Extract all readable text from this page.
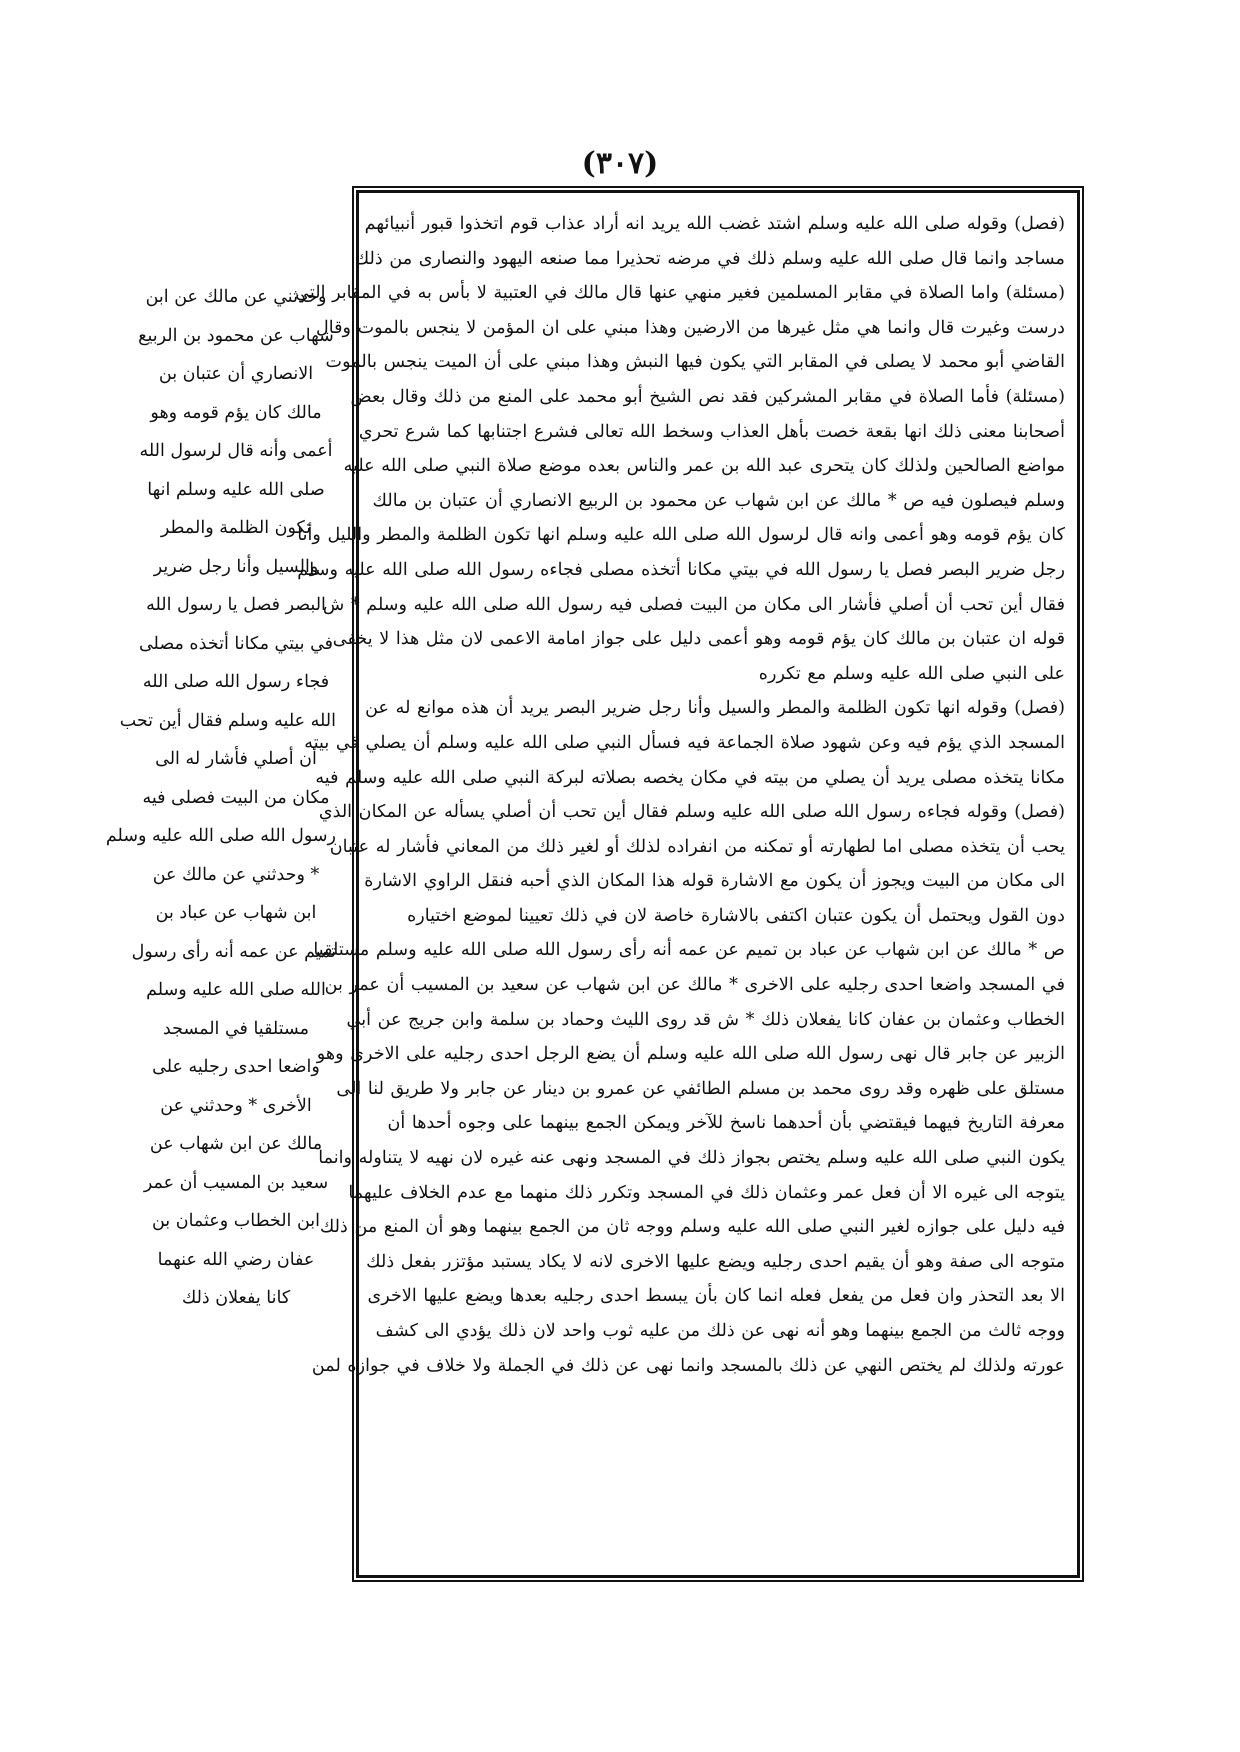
(٣٠٧)
(فصل) وقوله صلى الله عليه وسلم اشتد غضب الله يريد انه أراد عذاب قوم اتخذوا قبور أنبيائهم
مساجد وانما قال صلى الله عليه وسلم ذلك في مرضه تحذيرا مما صنعه اليهود والنصارى من ذلك
(مسئلة) واما الصلاة في مقابر المسلمين فغير منهي عنها قال مالك في العتبية لا بأس به في المقابر التي
درست وغيرت قال وانما هي مثل غيرها من الارضين وهذا مبني على ان المؤمن لا ينجس بالموت وقال
القاضي أبو محمد لا يصلى في المقابر التي يكون فيها النبش وهذا مبني على أن الميت ينجس بالموت
(مسئلة) فأما الصلاة في مقابر المشركين فقد نص الشيخ أبو محمد على المنع من ذلك وقال بعض
أصحابنا معنى ذلك انها بقعة خصت بأهل العذاب وسخط الله تعالى فشرع اجتنابها كما شرع تحري
مواضع الصالحين ولذلك كان يتحرى عبد الله بن عمر والناس بعده موضع صلاة النبي صلى الله عليه
وسلم فيصلون فيه ص * مالك عن ابن شهاب عن محمود بن الربيع الانصاري أن عتبان بن مالك
كان يؤم قومه وهو أعمى وانه قال لرسول الله صلى الله عليه وسلم انها تكون الظلمة والمطر والليل وأنا
رجل ضرير البصر فصل يا رسول الله في بيتي مكانا أتخذه مصلى فجاءه رسول الله صلى الله عليه وسلم
فقال أين تحب أن أصلي فأشار الى مكان من البيت فصلى فيه رسول الله صلى الله عليه وسلم * ش
قوله ان عتبان بن مالك كان يؤم قومه وهو أعمى دليل على جواز امامة الاعمى لان مثل هذا لا يخفى
على النبي صلى الله عليه وسلم مع تكرره
(فصل) وقوله انها تكون الظلمة والمطر والسيل وأنا رجل ضرير البصر يريد أن هذه موانع له عن
المسجد الذي يؤم فيه وعن شهود صلاة الجماعة فيه فسأل النبي صلى الله عليه وسلم أن يصلي في بيته
مكانا يتخذه مصلى يريد أن يصلي من بيته في مكان يخصه بصلاته لبركة النبي صلى الله عليه وسلم فيه
(فصل) وقوله فجاءه رسول الله صلى الله عليه وسلم فقال أين تحب أن أصلي يسأله عن المكان الذي
يحب أن يتخذه مصلى اما لطهارته أو تمكنه من انفراده لذلك أو لغير ذلك من المعاني فأشار له عتبان
الى مكان من البيت ويجوز أن يكون مع الاشارة قوله هذا المكان الذي أحبه فنقل الراوي الاشارة
دون القول ويحتمل أن يكون عتبان اكتفى بالاشارة خاصة لان في ذلك تعيينا لموضع اختياره
ص * مالك عن ابن شهاب عن عباد بن تميم عن عمه أنه رأى رسول الله صلى الله عليه وسلم مستلقيا
في المسجد واضعا احدى رجليه على الاخرى * مالك عن ابن شهاب عن سعيد بن المسيب أن عمر بن
الخطاب وعثمان بن عفان كانا يفعلان ذلك * ش قد روى الليث وحماد بن سلمة وابن جريج عن أبي
الزبير عن جابر قال نهى رسول الله صلى الله عليه وسلم أن يضع الرجل احدى رجليه على الاخرى وهو
مستلق على ظهره وقد روى محمد بن مسلم الطائفي عن عمرو بن دينار عن جابر ولا طريق لنا الى
معرفة التاريخ فيهما فيقتضي بأن أحدهما ناسخ للآخر ويمكن الجمع بينهما على وجوه أحدها أن
يكون النبي صلى الله عليه وسلم يختص بجواز ذلك في المسجد ونهى عنه غيره لان نهيه لا يتناوله وانما
يتوجه الى غيره الا أن فعل عمر وعثمان ذلك في المسجد وتكرر ذلك منهما مع عدم الخلاف عليهما
فيه دليل على جوازه لغير النبي صلى الله عليه وسلم ووجه ثان من الجمع بينهما وهو أن المنع من ذلك
متوجه الى صفة وهو أن يقيم احدى رجليه ويضع عليها الاخرى لانه لا يكاد يستبد مؤتزر بفعل ذلك
الا بعد التحذر وان فعل من يفعل فعله انما كان بأن يبسط احدى رجليه بعدها ويضع عليها الاخرى
ووجه ثالث من الجمع بينهما وهو أنه نهى عن ذلك من عليه ثوب واحد لان ذلك يؤدي الى كشف
عورته ولذلك لم يختص النهي عن ذلك بالمسجد وانما نهى عن ذلك في الجملة ولا خلاف في جوازه لمن
وحدثني عن مالك عن ابن
شهاب عن محمود بن الربيع
الانصاري أن عتبان بن
مالك كان يؤم قومه وهو
أعمى وأنه قال لرسول الله
صلى الله عليه وسلم انها
تكون الظلمة والمطر
والسيل وأنا رجل ضرير
البصر فصل يا رسول الله
في بيتي مكانا أتخذه مصلى
فجاء رسول الله صلى الله
الله عليه وسلم فقال أين تحب
أن أصلي فأشار له الى
مكان من البيت فصلى فيه
رسول الله صلى الله عليه وسلم
* وحدثني عن مالك عن
ابن شهاب عن عباد بن
تميم عن عمه أنه رأى رسول
الله صلى الله عليه وسلم
مستلقيا في المسجد
واضعا احدى رجليه على
الأخرى * وحدثني عن
مالك عن ابن شهاب عن
سعيد بن المسيب أن عمر
ابن الخطاب وعثمان بن
عفان رضي الله عنهما
كانا يفعلان ذلك
